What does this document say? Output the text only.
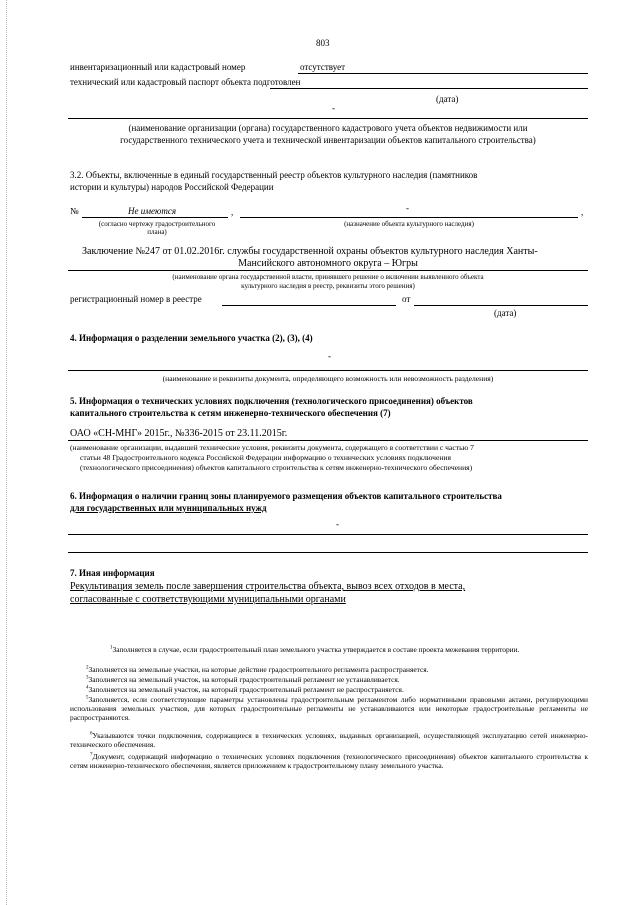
803
инвентаризационный или кадастровый номер	отсутствует
технический или кадастровый паспорт объекта подготовлен
(дата)
-
(наименование организации (органа) государственного кадастрового учета объектов недвижимости или
государственного технического учета и технической инвентаризации объектов капитального строительства)
3.2. Объекты, включенные в единый государственный реестр объектов культурного наследия (памятников
истории и культуры) народов Российской Федерации
№	Не имеются	,	-	,
(согласно чертежу градостроительного
плана)
(назначение объекта культурного наследия)
Заключение №247 от 01.02.2016г. службы государственной охраны объектов культурного наследия Ханты-
Мансийского автономного округа – Югры
(наименование органа государственной власти, принявшего решение о включении выявленного объекта
культурного наследия в реестр, реквизиты этого решения)
регистрационный номер в реестре	от
(дата)
4. Информация о разделении земельного участка (2), (3), (4)
-
(наименование и реквизиты документа, определяющего возможность или невозможность разделения)
5. Информация о технических условиях подключения (технологического присоединения) объектов
капитального строительства к сетям инженерно-технического обеспечения (7)
ОАО «СН-МНГ» 2015г., №336-2015 от 23.11.2015г.
(наименование организации, выдавшей технические условия, реквизиты документа, содержащего в соответствии с частью 7
статьи 48 Градостроительного кодекса Российской Федерации информацию о технических условиях подключения
(технологического присоединения) объектов капитального строительства к сетям инженерно-технического обеспечения)
6. Информация о наличии границ зоны планируемого размещения объектов капитального строительства
для государственных или муниципальных нужд
-
7. Иная информация
Рекультивация земель после завершения строительства объекта, вывоз всех отходов в места,
согласованные с соответствующими муниципальными органами
$^1$Заполняется в случае, если градостроительный план земельного участка утверждается в составе проекта межевания территории.
$^2$Заполняется на земельные участки, на которые действие градостроительного регламента распространяется.
$^3$Заполняется на земельный участок, на который градостроительный регламент не устанавливается.
$^4$Заполняется на земельный участок, на который градостроительный регламент не распространяется.
$^5$Заполняется, если соответствующие параметры установлены градостроительным регламентом либо нормативными правовыми актами, регулирующими использования земельных участков, для которых градостроительные регламенты не устанавливаются или некоторые градостроительные регламенты не распространяются.
$^6$Указываются точки подключения, содержащиеся в технических условиях, выданных организацией, осуществляющей эксплуатацию сетей инженерно-технического обеспечения.
$^7$Документ, содержащий информацию о технических условиях подключения (технологического присоединения) объектов капитального строительства к сетям инженерно-технического обеспечения, является приложением к градостроительному плану земельного участка.
